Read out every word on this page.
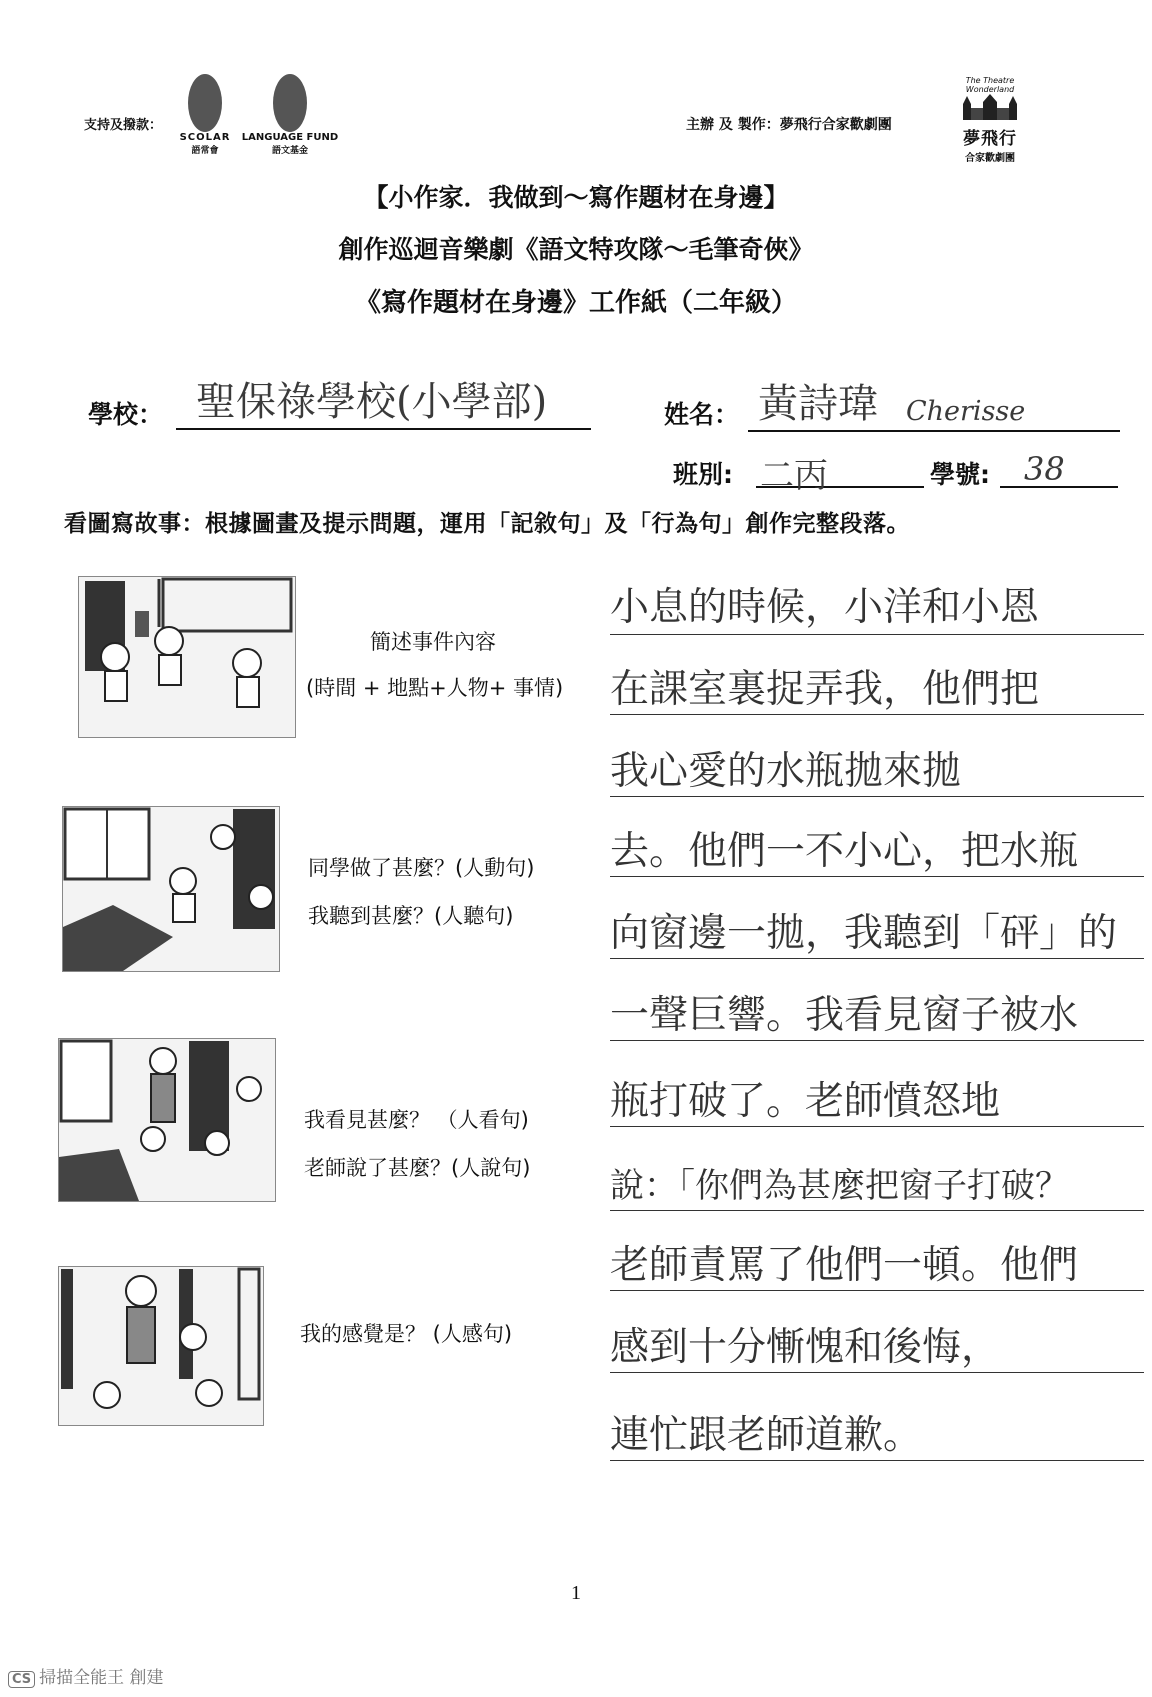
支持及撥款：
SCOLAR
語常會
LANGUAGE FUND
語文基金
主辦 及 製作：夢飛行合家歡劇團
The Theatre Wonderland
夢飛行
合家歡劇團
【小作家．我做到～寫作題材在身邊】
創作巡迴音樂劇《語文特攻隊～毛筆奇俠》
《寫作題材在身邊》工作紙（二年級）
學校： 聖保祿學校(小學部)	姓名： 黃詩瑋 Cherisse
班別: 二丙	學號: 38
看圖寫故事：根據圖畫及提示問題，運用「記敘句」及「行為句」創作完整段落。
簡述事件內容
(時間 + 地點+人物+ 事情)
同學做了甚麼？(人動句)
我聽到甚麼？(人聽句)
我看見甚麼？ （人看句)
老師說了甚麼？(人說句)
我的感覺是？ (人感句)
小息的時候，小洋和小恩
在課室裏捉弄我，他們把
我心愛的水瓶拋來拋
去。他們一不小心，把水瓶
向窗邊一拋，我聽到「砰」的
一聲巨響。我看見窗子被水
瓶打破了。老師憤怒地
說：「你們為甚麼把窗子打破？
老師責罵了他們一頓。他們
感到十分慚愧和後悔，
連忙跟老師道歉。
1
CS 掃描全能王 創建
